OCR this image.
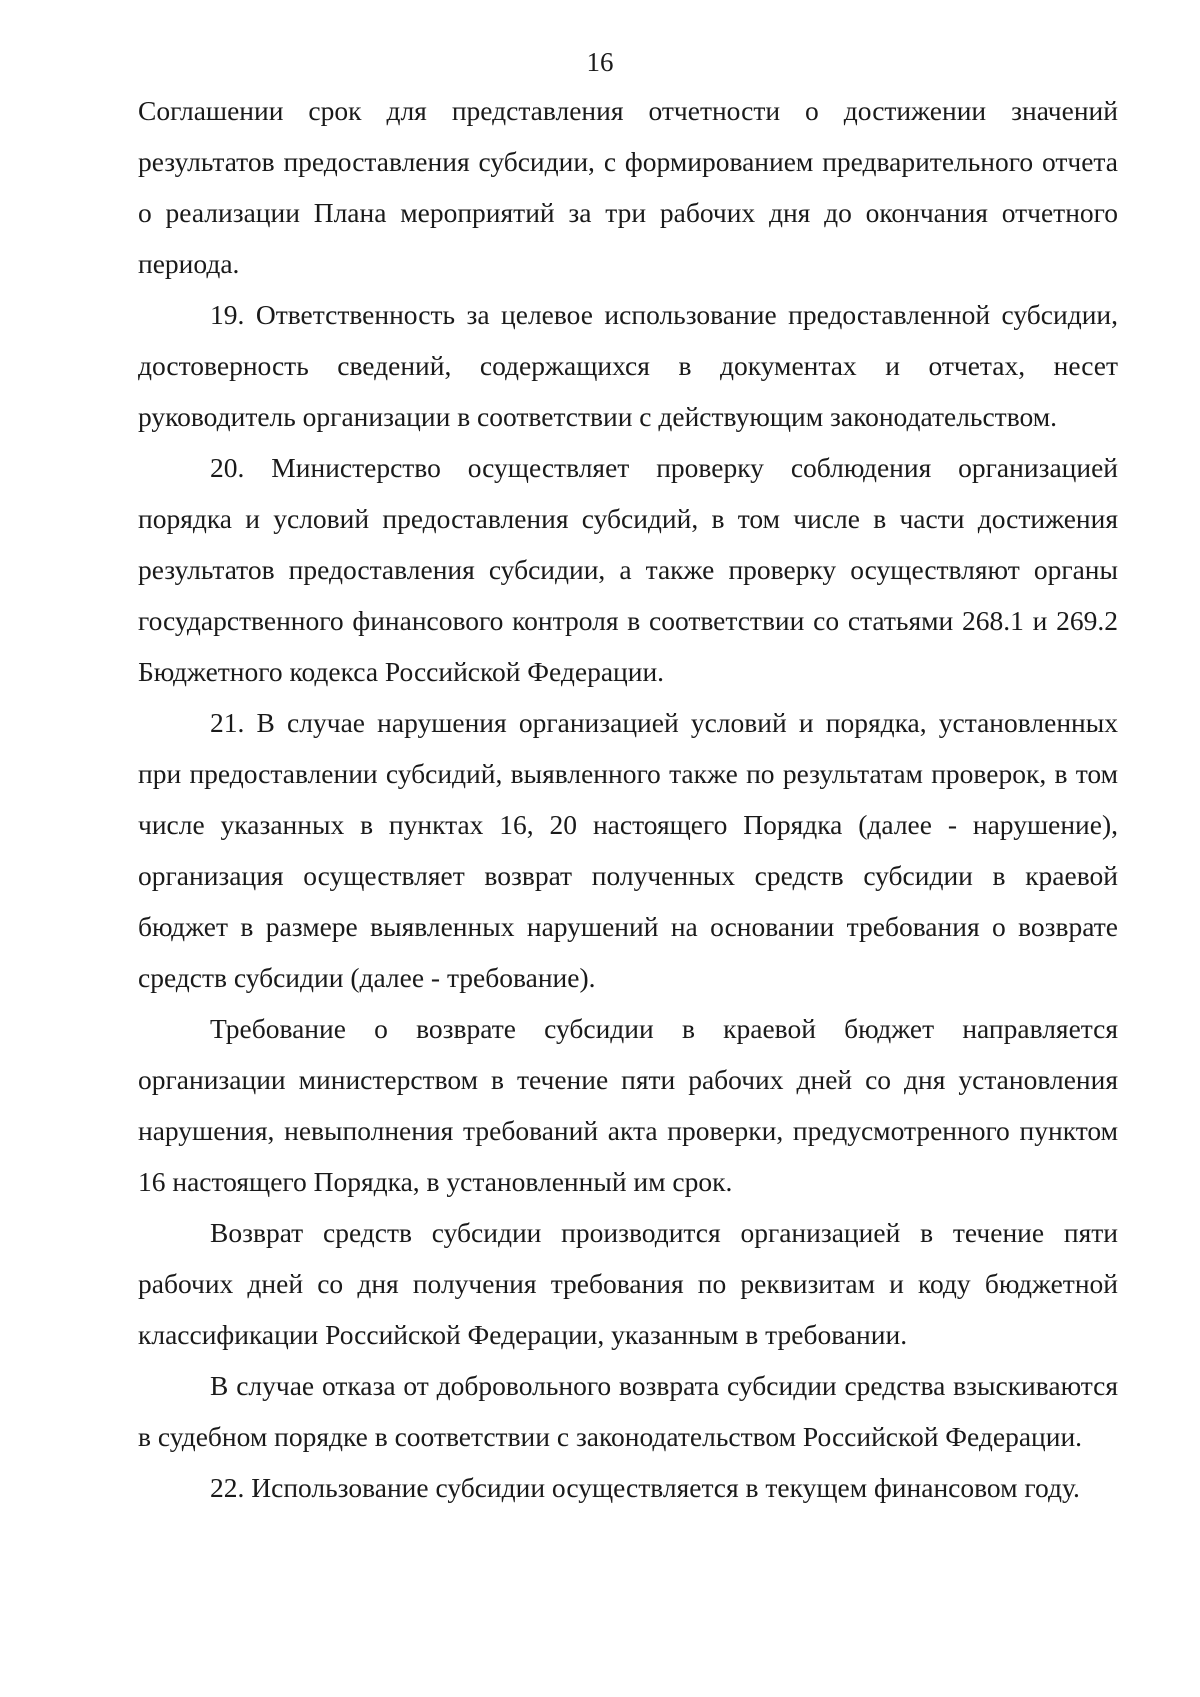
16

Соглашении срок для представления отчетности о достижении значений результатов предоставления субсидии, с формированием предварительного отчета о реализации Плана мероприятий за три рабочих дня до окончания отчетного периода.

19. Ответственность за целевое использование предоставленной субсидии, достоверность сведений, содержащихся в документах и отчетах, несет руководитель организации в соответствии с действующим законодательством.

20. Министерство осуществляет проверку соблюдения организацией порядка и условий предоставления субсидий, в том числе в части достижения результатов предоставления субсидии, а также проверку осуществляют органы государственного финансового контроля в соответствии со статьями 268.1 и 269.2 Бюджетного кодекса Российской Федерации.

21. В случае нарушения организацией условий и порядка, установленных при предоставлении субсидий, выявленного также по результатам проверок, в том числе указанных в пунктах 16, 20 настоящего Порядка (далее - нарушение), организация осуществляет возврат полученных средств субсидии в краевой бюджет в размере выявленных нарушений на основании требования о возврате средств субсидии (далее - требование).

Требование о возврате субсидии в краевой бюджет направляется организации министерством в течение пяти рабочих дней со дня установления нарушения, невыполнения требований акта проверки, предусмотренного пунктом 16 настоящего Порядка, в установленный им срок.

Возврат средств субсидии производится организацией в течение пяти рабочих дней со дня получения требования по реквизитам и коду бюджетной классификации Российской Федерации, указанным в требовании.

В случае отказа от добровольного возврата субсидии средства взыскиваются в судебном порядке в соответствии с законодательством Российской Федерации.

22. Использование субсидии осуществляется в текущем финансовом году.
